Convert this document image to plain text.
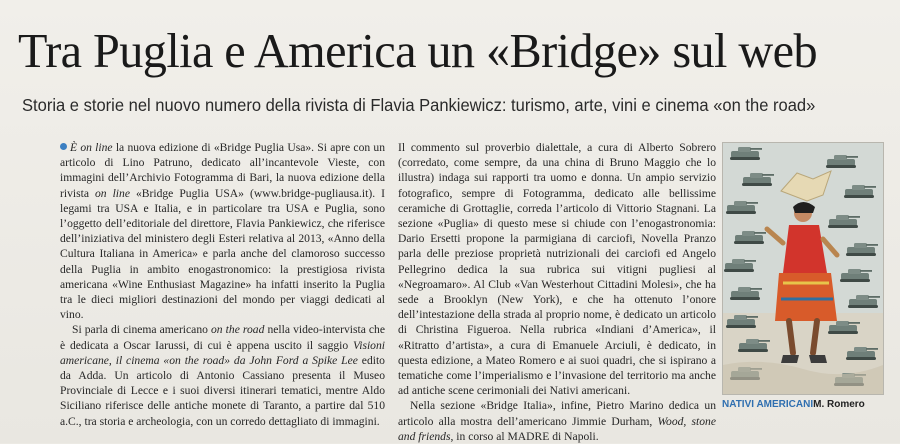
Tra Puglia e America un «Bridge» sul web
Storia e storie nel nuovo numero della rivista di Flavia Pankiewicz: turismo, arte, vini e cinema «on the road»

È on line la nuova edizione di «Bridge Puglia Usa». Si apre con un articolo di Lino Patruno, dedicato all’incantevole Vieste, con immagini dell’Archivio Fotogramma di Bari, la nuova edizione della rivista on line «Bridge Puglia USA» (www.bridge-pugliausa.it). I legami tra USA e Italia, e in particolare tra USA e Puglia, sono l’oggetto dell’editoriale del direttore, Flavia Pankiewicz, che riferisce dell’iniziativa del ministero degli Esteri relativa al 2013, «Anno della Cultura Italiana in America» e parla anche del clamoroso successo della Puglia in ambito enogastronomico: la prestigiosa rivista americana «Wine Enthusiast Magazine» ha infatti inserito la Puglia tra le dieci migliori destinazioni del mondo per viaggi dedicati al vino.

Si parla di cinema americano on the road nella video-intervista che è dedicata a Oscar Iarussi, di cui è appena uscito il saggio Visioni americane, il cinema «on the road» da John Ford a Spike Lee edito da Adda. Un articolo di Antonio Cassiano presenta il Museo Provinciale di Lecce e i suoi diversi itinerari tematici, mentre Aldo Siciliano riferisce delle antiche monete di Taranto, a partire dal 510 a.C., tra storia e archeologia, con un corredo dettagliato di immagini.

Il commento sul proverbio dialettale, a cura di Alberto Sobrero (corredato, come sempre, da una china di Bruno Maggio che lo illustra) indaga sui rapporti tra uomo e donna. Un ampio servizio fotografico, sempre di Fotogramma, dedicato alle bellissime ceramiche di Grottaglie, correda l’articolo di Vittorio Stagnani. La sezione «Puglia» di questo mese si chiude con l’enogastronomia: Dario Ersetti propone la parmigiana di carciofi, Novella Pranzo parla delle preziose proprietà nutrizionali dei carciofi ed Angelo Pellegrino dedica la sua rubrica sui vitigni pugliesi al «Negroamaro». Al Club «Van Westerhout Cittadini Molesi», che ha sede a Brooklyn (New York), e che ha ottenuto l’onore dell’intestazione della strada al proprio nome, è dedicato un articolo di Christina Figueroa. Nella rubrica «Indiani d’America», il «Ritratto d’artista», a cura di Emanuele Arciuli, è dedicato, in questa edizione, a Mateo Romero e ai suoi quadri, che si ispirano a tematiche come l’imperialismo e l’invasione del territorio ma anche ad antiche scene cerimoniali dei Nativi americani.

Nella sezione «Bridge Italia», infine, Pietro Marino dedica un articolo alla mostra dell’americano Jimmie Durham, Wood, stone and friends, in corso al MADRE di Napoli.

NATIVI AMERICANIM. Romero
